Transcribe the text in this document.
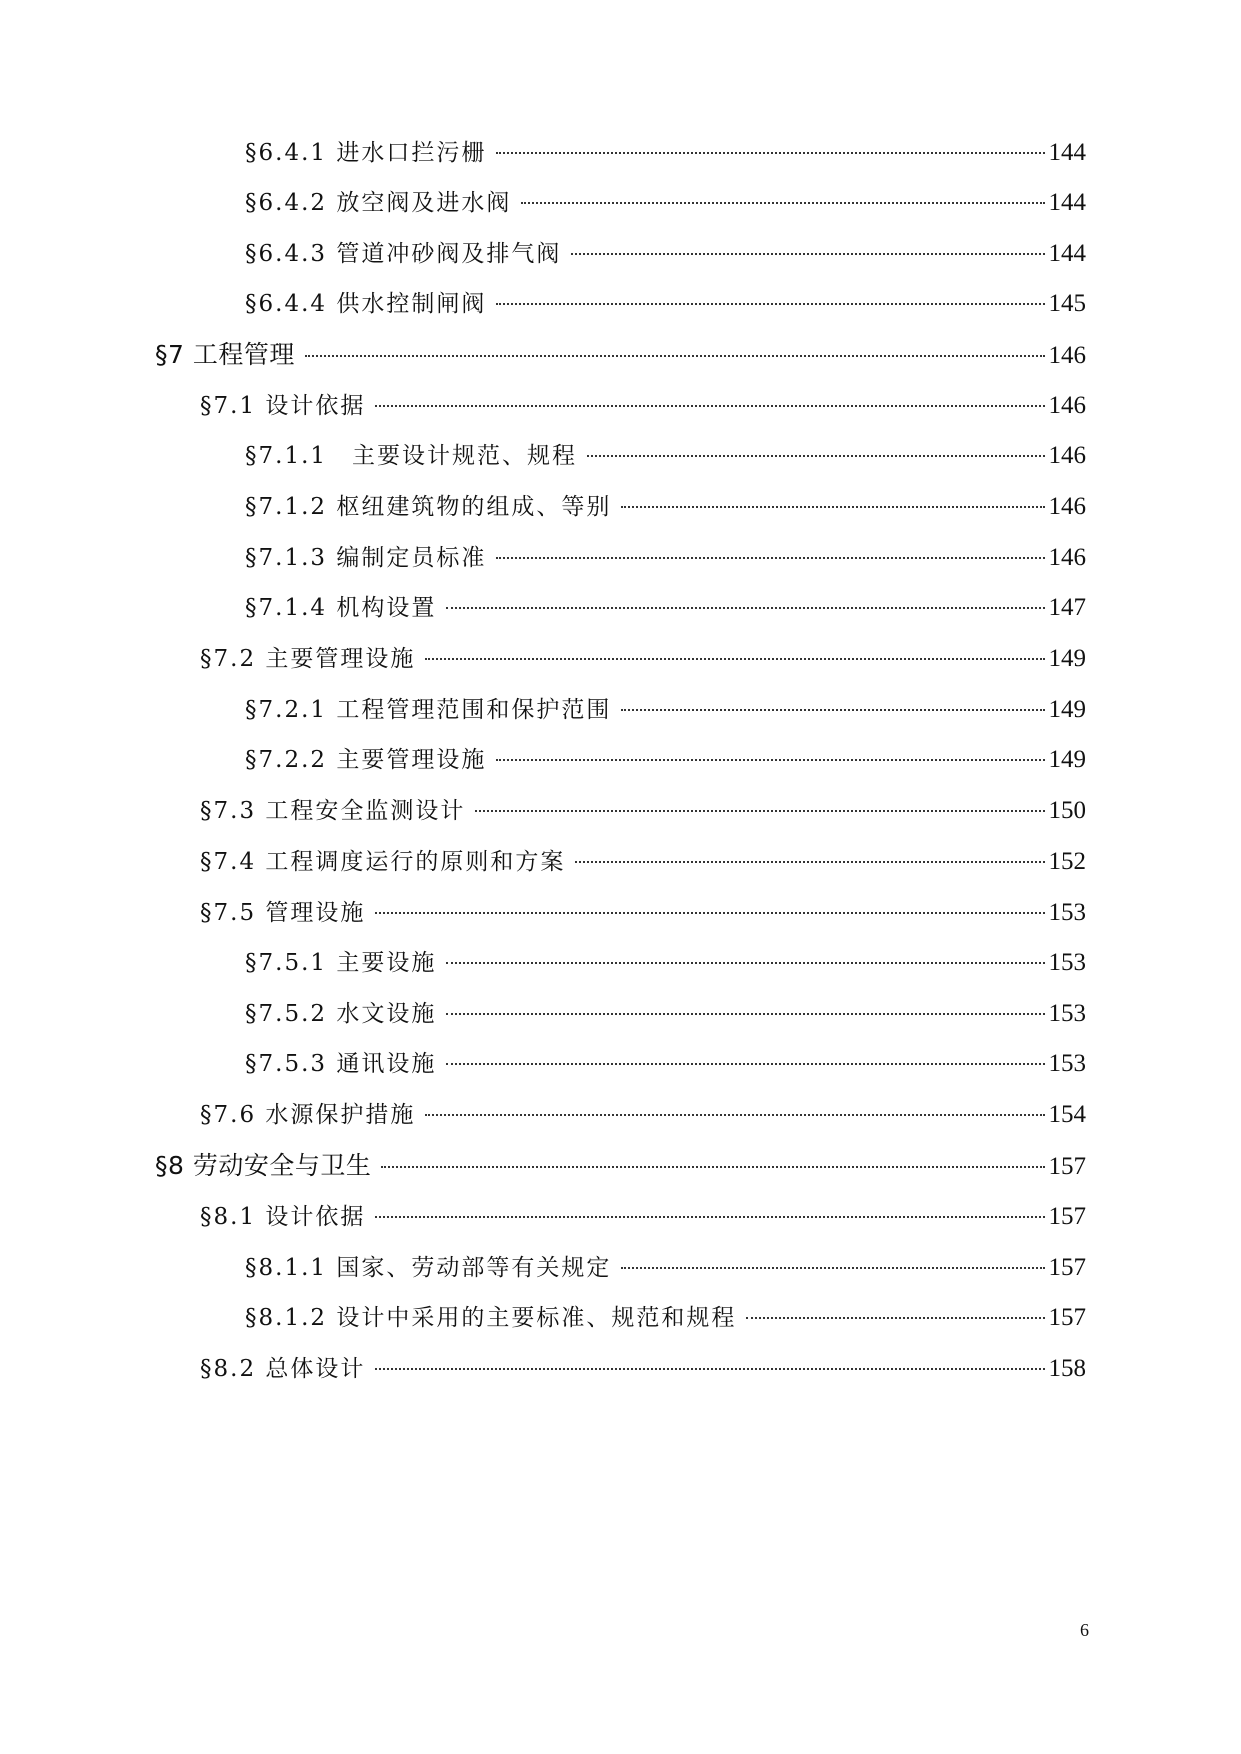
§6.4.1 进水口拦污栅	144
§6.4.2 放空阀及进水阀	144
§6.4.3 管道冲砂阀及排气阀	144
§6.4.4 供水控制闸阀	145
§7 工程管理	146
§7.1 设计依据	146
§7.1.1　主要设计规范、规程	146
§7.1.2 枢纽建筑物的组成、等别	146
§7.1.3 编制定员标准	146
§7.1.4 机构设置	147
§7.2 主要管理设施	149
§7.2.1 工程管理范围和保护范围	149
§7.2.2 主要管理设施	149
§7.3 工程安全监测设计	150
§7.4 工程调度运行的原则和方案	152
§7.5 管理设施	153
§7.5.1 主要设施	153
§7.5.2 水文设施	153
§7.5.3 通讯设施	153
§7.6 水源保护措施	154
§8 劳动安全与卫生	157
§8.1 设计依据	157
§8.1.1 国家、劳动部等有关规定	157
§8.1.2 设计中采用的主要标准、规范和规程	157
§8.2 总体设计	158
6
